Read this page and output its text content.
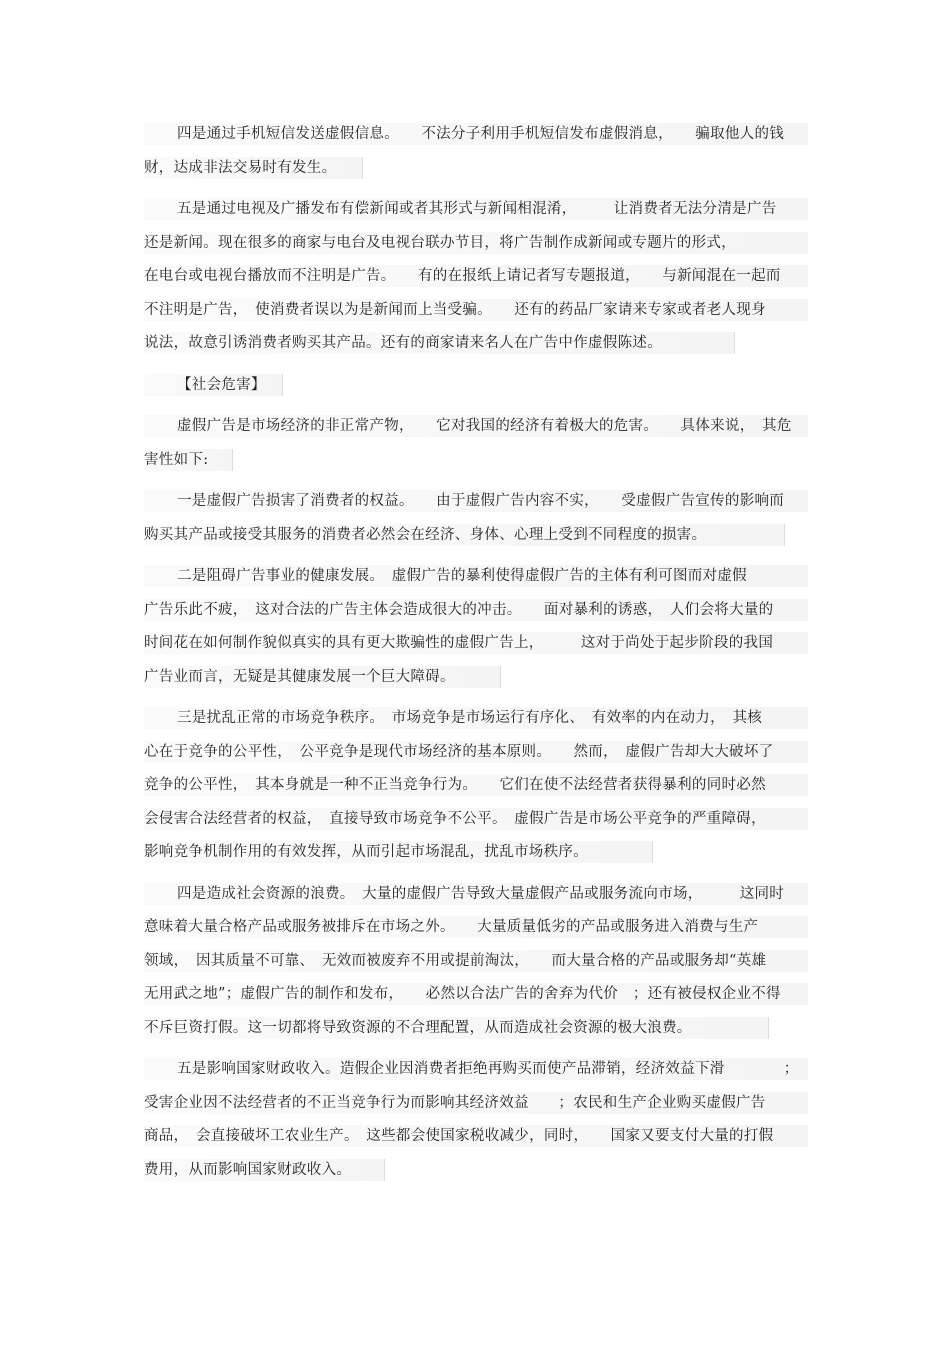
四是通过手机短信发送虚假信息。　　不法分子利用手机短信发布虚假消息，　　骗取他人的钱
财，达成非法交易时有发生。
五是通过电视及广播发布有偿新闻或者其形式与新闻相混淆，　　　让消费者无法分清是广告
还是新闻。现在很多的商家与电台及电视台联办节目，将广告制作成新闻或专题片的形式，
在电台或电视台播放而不注明是广告。　　有的在报纸上请记者写专题报道，　　与新闻混在一起而
不注明是广告，　使消费者误以为是新闻而上当受骗。　　还有的药品厂家请来专家或者老人现身
说法，故意引诱消费者购买其产品。还有的商家请来名人在广告中作虚假陈述。
【社会危害】
虚假广告是市场经济的非正常产物，　　它对我国的经济有着极大的危害。　　具体来说，　其危
害性如下:
一是虚假广告损害了消费者的权益。　　由于虚假广告内容不实，　　受虚假广告宣传的影响而
购买其产品或接受其服务的消费者必然会在经济、身体、心理上受到不同程度的损害。
二是阻碍广告事业的健康发展。　虚假广告的暴利使得虚假广告的主体有利可图而对虚假
广告乐此不疲，　这对合法的广告主体会造成很大的冲击。　　面对暴利的诱惑，　人们会将大量的
时间花在如何制作貌似真实的具有更大欺骗性的虚假广告上，　　　这对于尚处于起步阶段的我国
广告业而言，无疑是其健康发展一个巨大障碍。
三是扰乱正常的市场竞争秩序。　市场竞争是市场运行有序化、　有效率的内在动力，　其核
心在于竞争的公平性，　公平竞争是现代市场经济的基本原则。　　然而，　虚假广告却大大破坏了
竞争的公平性，　其本身就是一种不正当竞争行为。　　它们在使不法经营者获得暴利的同时必然
会侵害合法经营者的权益，　直接导致市场竞争不公平。　虚假广告是市场公平竞争的严重障碍，
影响竞争机制作用的有效发挥，从而引起市场混乱，扰乱市场秩序。
四是造成社会资源的浪费。　大量的虚假广告导致大量虚假产品或服务流向市场，　　　这同时
意味着大量合格产品或服务被排斥在市场之外。　　大量质量低劣的产品或服务进入消费与生产
领域，　因其质量不可靠、　无效而被废弃不用或提前淘汰，　　而大量合格的产品或服务却“英雄
无用武之地”；虚假广告的制作和发布，　　必然以合法广告的舍弃为代价　；还有被侵权企业不得
不斥巨资打假。这一切都将导致资源的不合理配置，从而造成社会资源的极大浪费。
五是影响国家财政收入。造假企业因消费者拒绝再购买而使产品滞销，经济效益下滑　　　　；
受害企业因不法经营者的不正当竞争行为而影响其经济效益　　；农民和生产企业购买虚假广告
商品，　会直接破坏工农业生产。　这些都会使国家税收减少，同时，　　国家又要支付大量的打假
费用，从而影响国家财政收入。
